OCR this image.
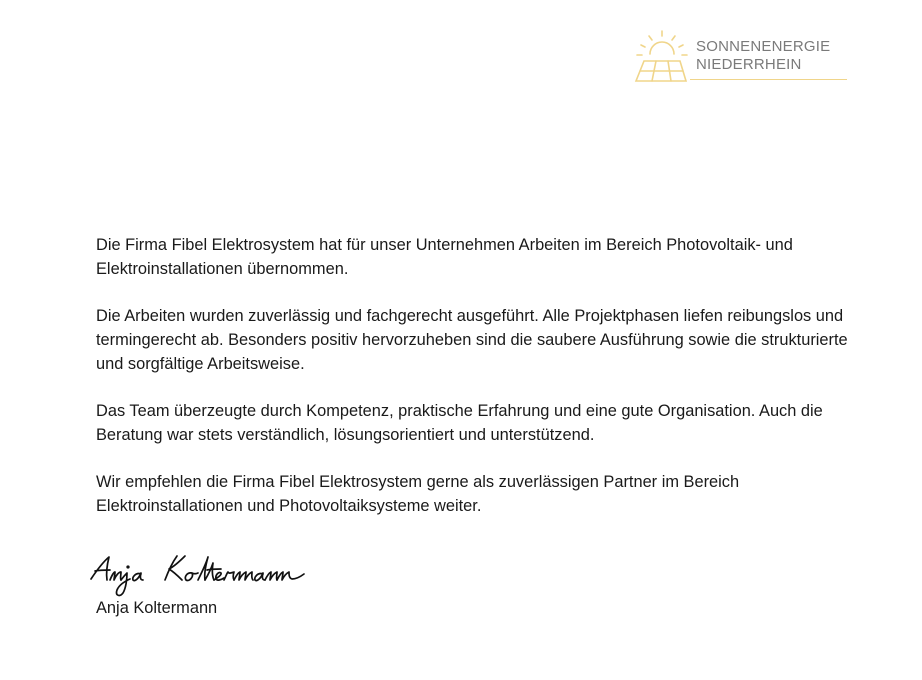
SONNENENERGIE
NIEDERRHEIN

Die Firma Fibel Elektrosystem hat für unser Unternehmen Arbeiten im Bereich Photovoltaik- und Elektroinstallationen übernommen.

Die Arbeiten wurden zuverlässig und fachgerecht ausgeführt. Alle Projektphasen liefen reibungslos und termingerecht ab. Besonders positiv hervorzuheben sind die saubere Ausführung sowie die strukturierte und sorgfältige Arbeitsweise.

Das Team überzeugte durch Kompetenz, praktische Erfahrung und eine gute Organisation. Auch die Beratung war stets verständlich, lösungsorientiert und unterstützend.

Wir empfehlen die Firma Fibel Elektrosystem gerne als zuverlässigen Partner im Bereich Elektroinstallationen und Photovoltaiksysteme weiter.

Anja Koltermann
